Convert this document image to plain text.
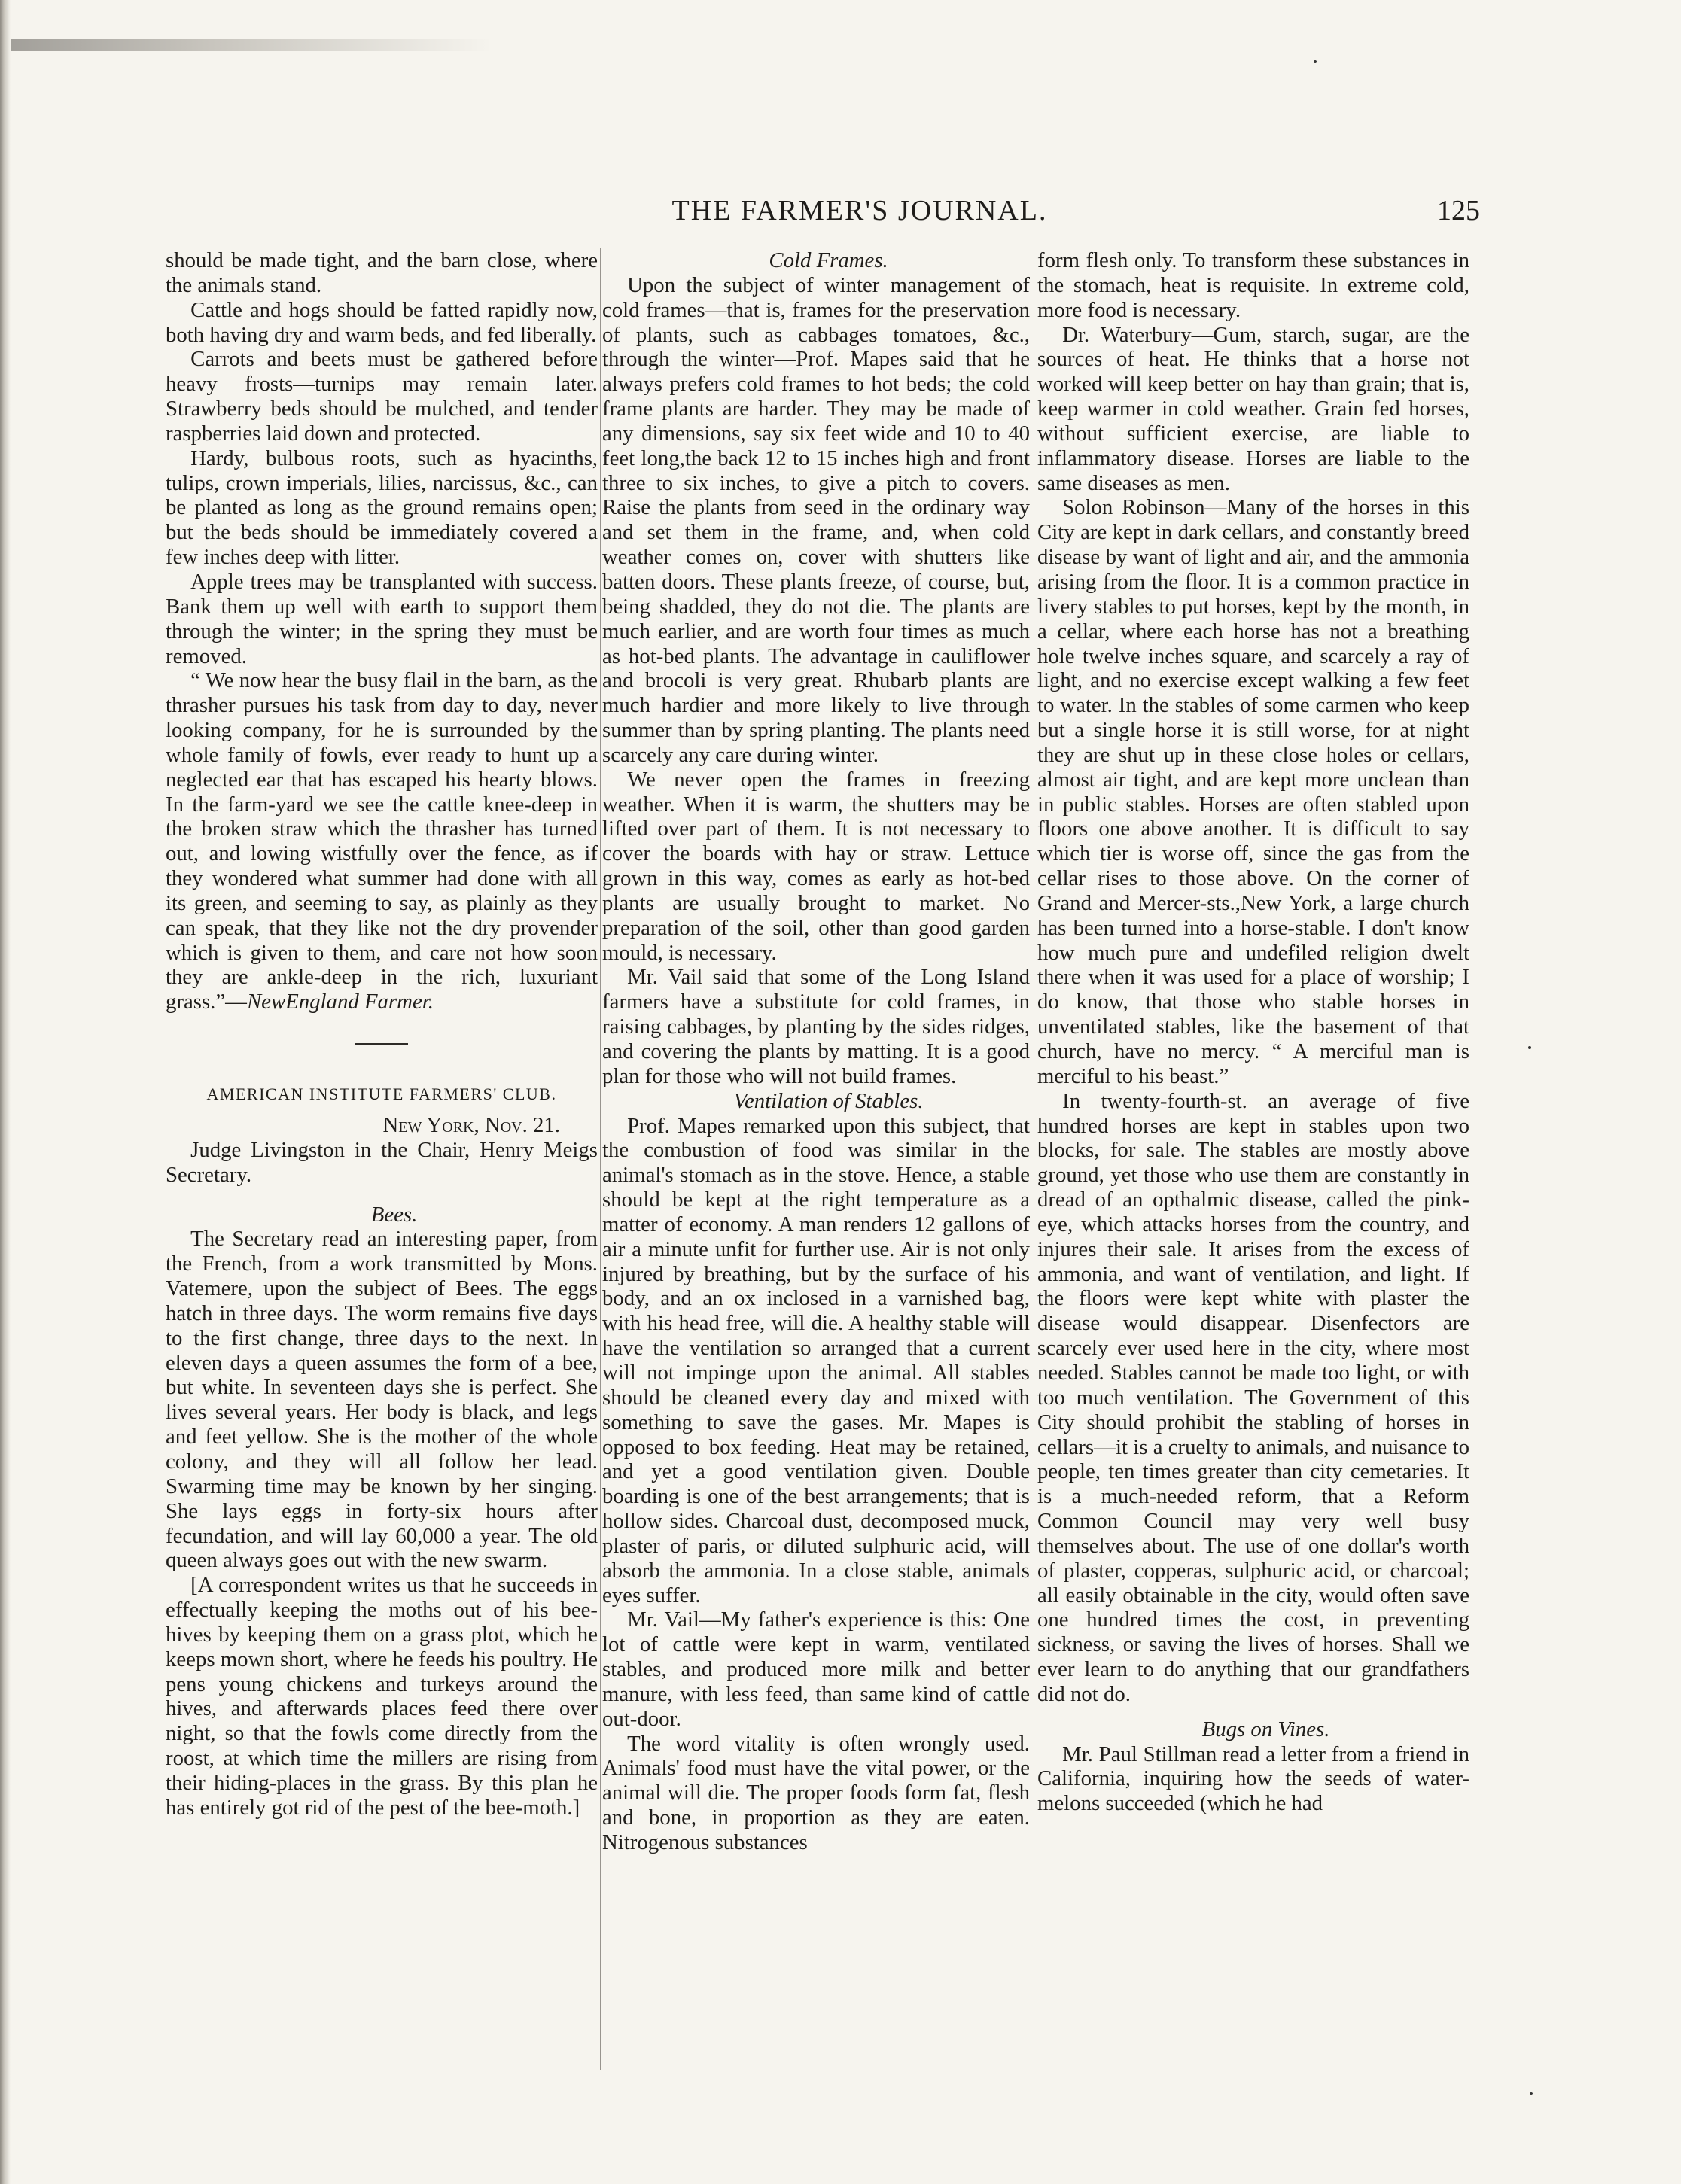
THE FARMER'S JOURNAL.	125

should be made tight, and the barn close, where the animals stand.

Cattle and hogs should be fatted rapidly now, both having dry and warm beds, and fed liberally.

Carrots and beets must be gathered before heavy frosts—turnips may remain later. Strawberry beds should be mulched, and tender raspberries laid down and protected.

Hardy, bulbous roots, such as hyacinths, tulips, crown imperials, lilies, narcissus, &c., can be planted as long as the ground remains open; but the beds should be immediately covered a few inches deep with litter.

Apple trees may be transplanted with success. Bank them up well with earth to support them through the winter; in the spring they must be removed.

“ We now hear the busy flail in the barn, as the thrasher pursues his task from day to day, never looking company, for he is surrounded by the whole family of fowls, ever ready to hunt up a neglected ear that has escaped his hearty blows. In the farm-yard we see the cattle knee-deep in the broken straw which the thrasher has turned out, and lowing wistfully over the fence, as if they wondered what summer had done with all its green, and seeming to say, as plainly as they can speak, that they like not the dry provender which is given to them, and care not how soon they are ankle-deep in the rich, luxuriant grass.”—NewEngland Farmer.

AMERICAN INSTITUTE FARMERS' CLUB.

New York, Nov. 21.

Judge Livingston in the Chair, Henry Meigs Secretary.

Bees.

The Secretary read an interesting paper, from the French, from a work transmitted by Mons. Vatemere, upon the subject of Bees. The eggs hatch in three days. The worm remains five days to the first change, three days to the next. In eleven days a queen assumes the form of a bee, but white. In seventeen days she is perfect. She lives several years. Her body is black, and legs and feet yellow. She is the mother of the whole colony, and they will all follow her lead. Swarming time may be known by her singing. She lays eggs in forty-six hours after fecundation, and will lay 60,000 a year. The old queen always goes out with the new swarm.

[A correspondent writes us that he succeeds in effectually keeping the moths out of his bee-hives by keeping them on a grass plot, which he keeps mown short, where he feeds his poultry. He pens young chickens and turkeys around the hives, and afterwards places feed there over night, so that the fowls come directly from the roost, at which time the millers are rising from their hiding-places in the grass. By this plan he has entirely got rid of the pest of the bee-moth.]

Cold Frames.

Upon the subject of winter management of cold frames—that is, frames for the preservation of plants, such as cabbages tomatoes, &c., through the winter—Prof. Mapes said that he always prefers cold frames to hot beds; the cold frame plants are harder. They may be made of any dimensions, say six feet wide and 10 to 40 feet long,the back 12 to 15 inches high and front three to six inches, to give a pitch to covers. Raise the plants from seed in the ordinary way and set them in the frame, and, when cold weather comes on, cover with shutters like batten doors. These plants freeze, of course, but, being shadded, they do not die. The plants are much earlier, and are worth four times as much as hot-bed plants. The advantage in cauliflower and brocoli is very great. Rhubarb plants are much hardier and more likely to live through summer than by spring planting. The plants need scarcely any care during winter.

We never open the frames in freezing weather. When it is warm, the shutters may be lifted over part of them. It is not necessary to cover the boards with hay or straw. Lettuce grown in this way, comes as early as hot-bed plants are usually brought to market. No preparation of the soil, other than good garden mould, is necessary.

Mr. Vail said that some of the Long Island farmers have a substitute for cold frames, in raising cabbages, by planting by the sides ridges, and covering the plants by matting. It is a good plan for those who will not build frames.

Ventilation of Stables.

Prof. Mapes remarked upon this subject, that the combustion of food was similar in the animal's stomach as in the stove. Hence, a stable should be kept at the right temperature as a matter of economy. A man renders 12 gallons of air a minute unfit for further use. Air is not only injured by breathing, but by the surface of his body, and an ox inclosed in a varnished bag, with his head free, will die. A healthy stable will have the ventilation so arranged that a current will not impinge upon the animal. All stables should be cleaned every day and mixed with something to save the gases. Mr. Mapes is opposed to box feeding. Heat may be retained, and yet a good ventilation given. Double boarding is one of the best arrangements; that is hollow sides. Charcoal dust, decomposed muck, plaster of paris, or diluted sulphuric acid, will absorb the ammonia. In a close stable, animals eyes suffer.

Mr. Vail—My father's experience is this: One lot of cattle were kept in warm, ventilated stables, and produced more milk and better manure, with less feed, than same kind of cattle out-door.

The word vitality is often wrongly used. Animals' food must have the vital power, or the animal will die. The proper foods form fat, flesh and bone, in proportion as they are eaten. Nitrogenous substances

form flesh only. To transform these substances in the stomach, heat is requisite. In extreme cold, more food is necessary.

Dr. Waterbury—Gum, starch, sugar, are the sources of heat. He thinks that a horse not worked will keep better on hay than grain; that is, keep warmer in cold weather. Grain fed horses, without sufficient exercise, are liable to inflammatory disease. Horses are liable to the same diseases as men.

Solon Robinson—Many of the horses in this City are kept in dark cellars, and constantly breed disease by want of light and air, and the ammonia arising from the floor. It is a common practice in livery stables to put horses, kept by the month, in a cellar, where each horse has not a breathing hole twelve inches square, and scarcely a ray of light, and no exercise except walking a few feet to water. In the stables of some carmen who keep but a single horse it is still worse, for at night they are shut up in these close holes or cellars, almost air tight, and are kept more unclean than in public stables. Horses are often stabled upon floors one above another. It is difficult to say which tier is worse off, since the gas from the cellar rises to those above. On the corner of Grand and Mercer-sts.,New York, a large church has been turned into a horse-stable. I don't know how much pure and undefiled religion dwelt there when it was used for a place of worship; I do know, that those who stable horses in unventilated stables, like the basement of that church, have no mercy. “ A merciful man is merciful to his beast.”

In twenty-fourth-st. an average of five hundred horses are kept in stables upon two blocks, for sale. The stables are mostly above ground, yet those who use them are constantly in dread of an opthalmic disease, called the pink-eye, which attacks horses from the country, and injures their sale. It arises from the excess of ammonia, and want of ventilation, and light. If the floors were kept white with plaster the disease would disappear. Disenfectors are scarcely ever used here in the city, where most needed. Stables cannot be made too light, or with too much ventilation. The Government of this City should prohibit the stabling of horses in cellars—it is a cruelty to animals, and nuisance to people, ten times greater than city cemetaries. It is a much-needed reform, that a Reform Common Council may very well busy themselves about. The use of one dollar's worth of plaster, copperas, sulphuric acid, or charcoal; all easily obtainable in the city, would often save one hundred times the cost, in preventing sickness, or saving the lives of horses. Shall we ever learn to do anything that our grandfathers did not do.

Bugs on Vines.

Mr. Paul Stillman read a letter from a friend in California, inquiring how the seeds of water-melons succeeded (which he had
